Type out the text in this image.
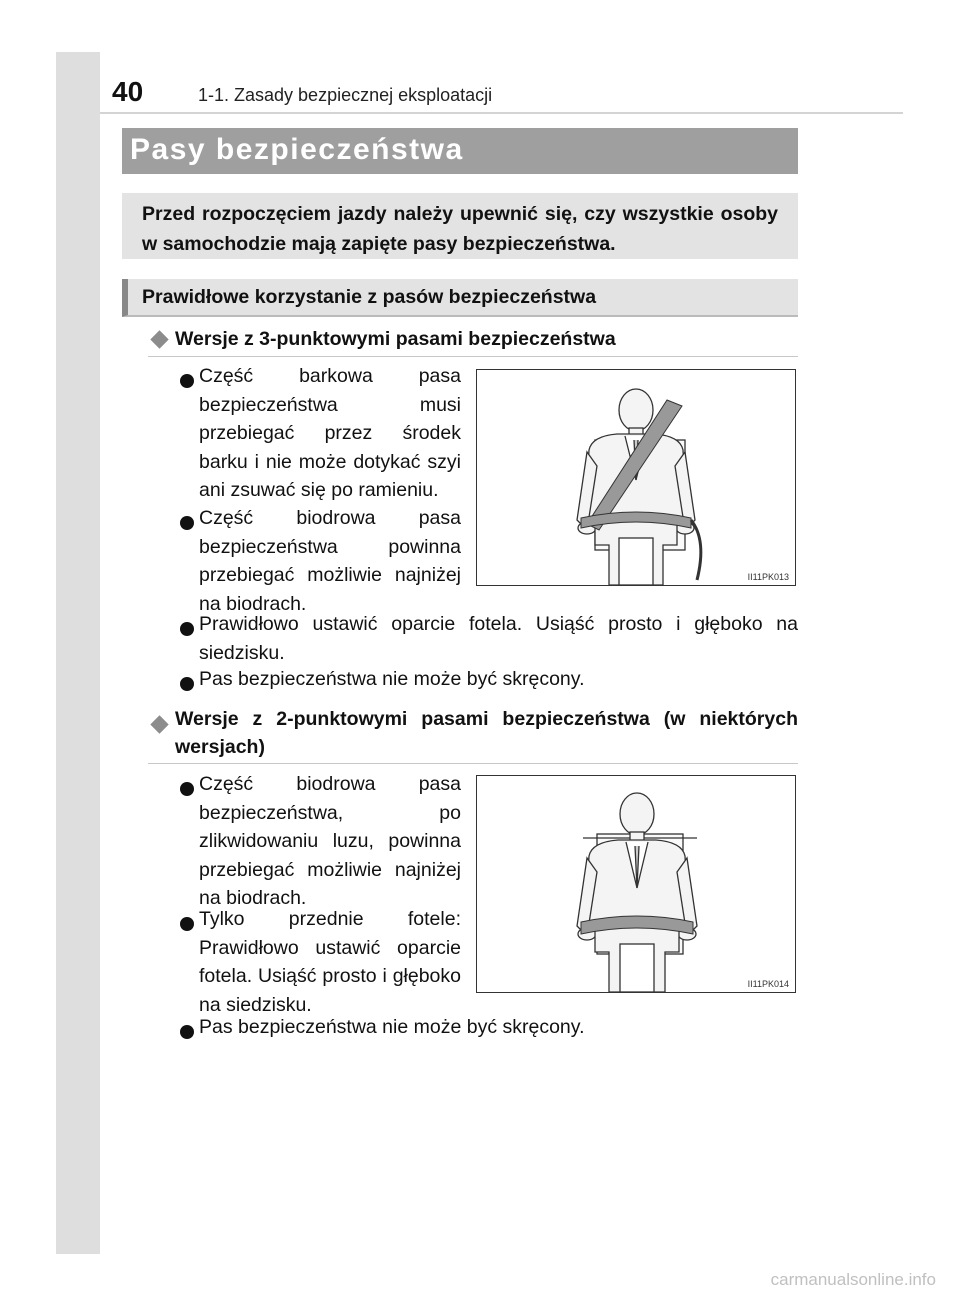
40	1-1. Zasady bezpiecznej eksploatacji
Pasy bezpieczeństwa

Przed rozpoczęciem jazdy należy upewnić się, czy wszystkie osoby w samochodzie mają zapięte pasy bezpieczeństwa.

Prawidłowe korzystanie z pasów bezpieczeństwa
Wersje z 3-punktowymi pasami bezpieczeństwa

Część barkowa pasa bezpieczeństwa musi przebiegać przez środek barku i nie może dotykać szyi ani zsuwać się po ramieniu.

Część biodrowa pasa bezpieczeństwa powinna przebiegać możliwie najniżej na biodrach.

Prawidłowo ustawić oparcie fotela. Usiąść prosto i głęboko na siedzisku.

Pas bezpieczeństwa nie może być skręcony.

II11PK013

Wersje z 2-punktowymi pasami bezpieczeństwa (w niektórych wersjach)

Część biodrowa pasa bezpieczeństwa, po zlikwidowaniu luzu, powinna przebiegać możliwie najniżej na biodrach.

Tylko przednie fotele: Prawidłowo ustawić oparcie fotela. Usiąść prosto i głęboko na siedzisku.

Pas bezpieczeństwa nie może być skręcony.

II11PK014
carmanualsonline.info
